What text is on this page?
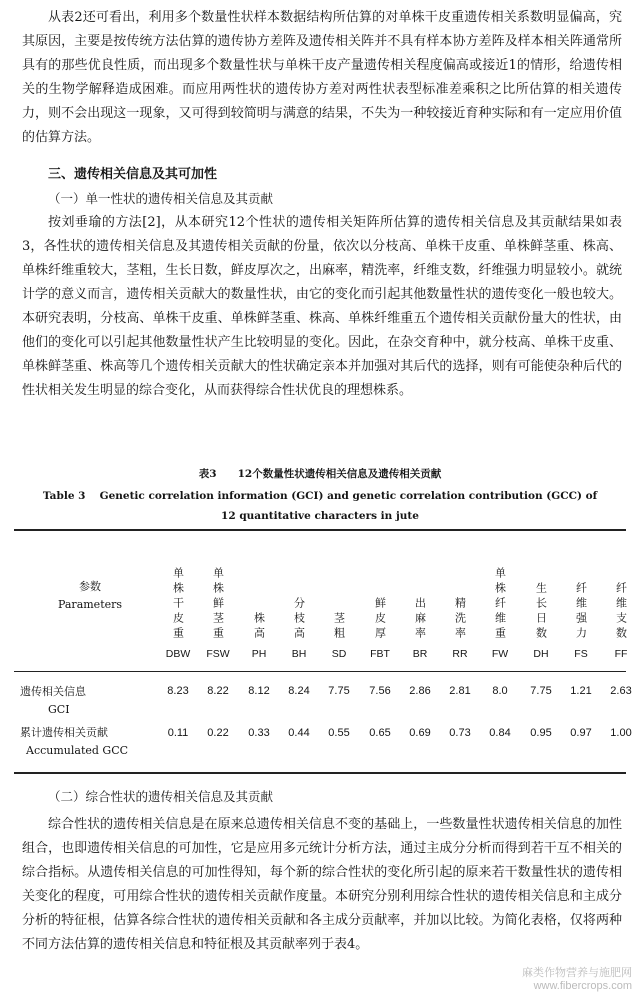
从表2还可看出，利用多个数量性状样本数据结构所估算的对单株干皮重遗传相关系数明显偏高，究其原因，主要是按传统方法估算的遗传协方差阵及遗传相关阵并不具有样本协方差阵及样本相关阵通常所具有的那些优良性质，而出现多个数量性状与单株干皮产量遗传相关程度偏高或接近1的情形，给遗传相关的生物学解释造成困难。而应用两性状的遗传协方差对两性状表型标准差乘积之比所估算的相关遗传力，则不会出现这一现象，又可得到较简明与满意的结果，不失为一种较接近育种实际和有一定应用价值的估算方法。

三、遗传相关信息及其可加性

（一）单一性状的遗传相关信息及其贡献

按刘垂瑜的方法[2]，从本研究12个性状的遗传相关矩阵所估算的遗传相关信息及其贡献结果如表3，各性状的遗传相关信息及其遗传相关贡献的份量，依次以分枝高、单株干皮重、单株鲜茎重、株高、单株纤维重较大，茎粗，生长日数，鲜皮厚次之，出麻率，精洗率，纤维支数，纤维强力明显较小。就统计学的意义而言，遗传相关贡献大的数量性状，由它的变化而引起其他数量性状的遗传变化一般也较大。本研究表明，分枝高、单株干皮重、单株鲜茎重、株高、单株纤维重五个遗传相关贡献份量大的性状，由他们的变化可以引起其他数量性状产生比较明显的变化。因此，在杂交育种中，就分枝高、单株干皮重、单株鲜茎重、株高等几个遗传相关贡献大的性状确定亲本并加强对其后代的选择，则有可能使杂种后代的性状相关发生明显的综合变化，从而获得综合性状优良的理想株系。

表3　　12个数量性状遗传相关信息及遗传相关贡献

Table 3　 Genetic correlation information (GCI) and genetic correlation contribution (GCC) of

12 quantitative characters in jute

参数
Parameters	单株干皮重
DBW
单株鲜茎重
FSW
株高
PH
分枝高
BH
茎粗
SD
鲜皮厚
FBT
出麻率
BR
精洗率
RR
单株纤维重
FW
生长日数
DH
纤维强力
FS
纤维支数
FF
遗传相关信息
GCI
累计遗传相关贡献
Accumulated GCC
8.23
0.11
8.22
0.22
8.12
0.33
8.24
0.44
7.75
0.55
7.56
0.65
2.86
0.69
2.81
0.73
8.0
0.84
7.75
0.95
1.21
0.97
2.63
1.00

（二）综合性状的遗传相关信息及其贡献

综合性状的遗传相关信息是在原来总遗传相关信息不变的基础上，一些数量性状遗传相关信息的加性组合，也即遗传相关信息的可加性，它是应用多元统计分析方法，通过主成分分析而得到若干互不相关的综合指标。从遗传相关信息的可加性得知，每个新的综合性状的变化所引起的原来若干数量性状的遗传相关变化的程度，可用综合性状的遗传相关贡献作度量。本研究分别利用综合性状的遗传相关信息和主成分分析的特征根，估算各综合性状的遗传相关贡献和各主成分贡献率，并加以比较。为简化表格，仅将两种不同方法估算的遗传相关信息和特征根及其贡献率列于表4。

麻类作物营养与施肥网
www.fibercrops.com
